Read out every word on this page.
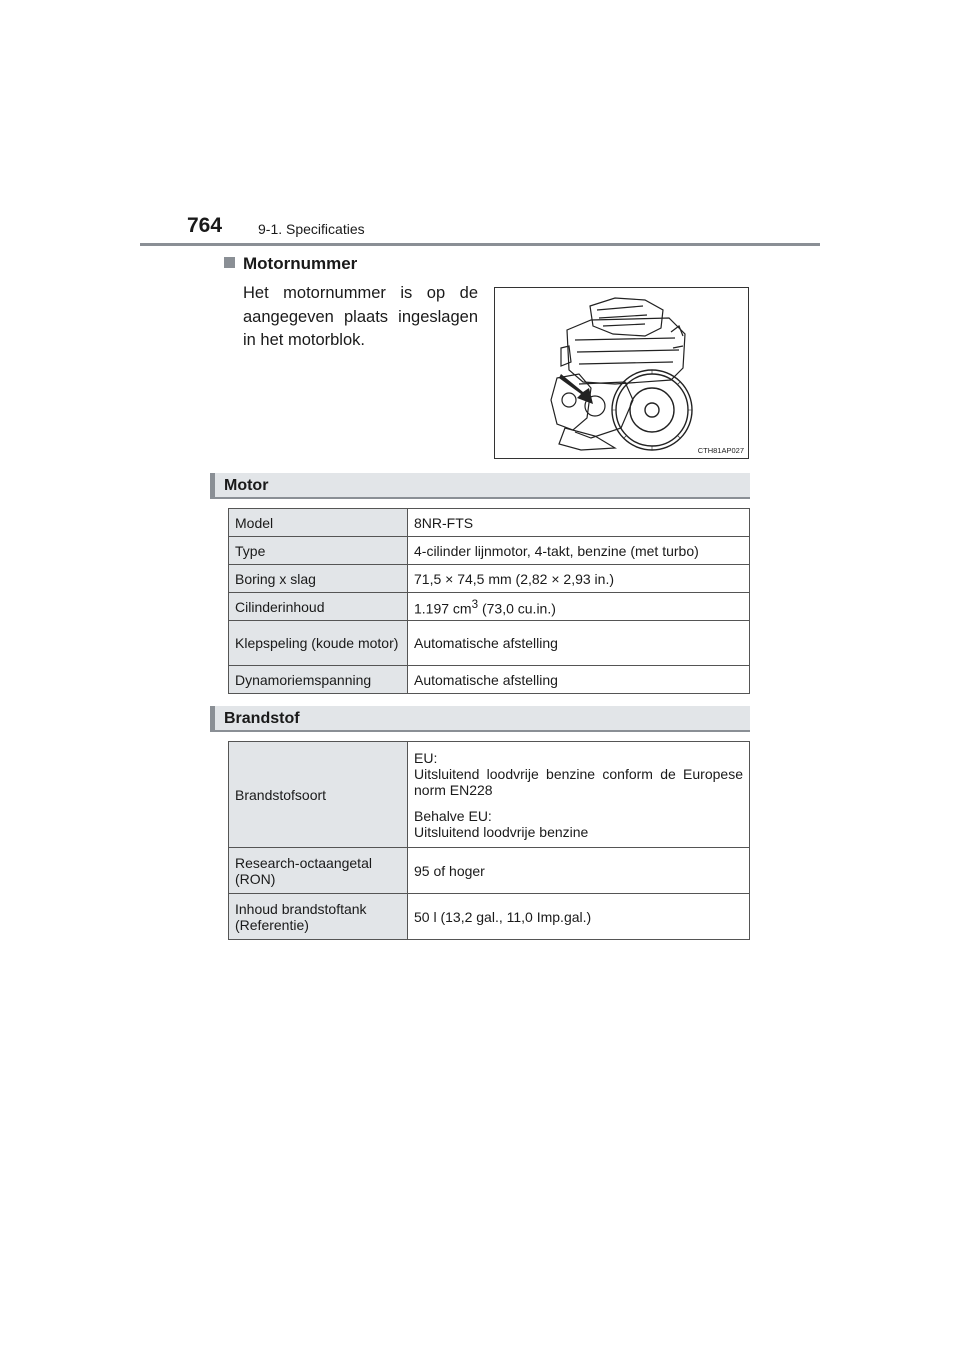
764	9-1. Specificaties
Motornummer
Het motornummer is op de aangegeven plaats ingeslagen in het motorblok.
CTH81AP027
Motor
Model	8NR-FTS
Type	4-cilinder lijnmotor, 4-takt, benzine (met turbo)
Boring x slag	71,5 × 74,5 mm (2,82 × 2,93 in.)
Cilinderinhoud	1.197 $cm^3$ (73,0 cu.in.)
Klepspeling (koude motor)	Automatische afstelling
Dynamoriemspanning	Automatische afstelling
Brandstof
Brandstofsoort	EU:

Uitsluitend loodvrije benzine conform de Europese norm EN228

Behalve EU:
Uitsluitend loodvrije benzine

Research-octaangetal (RON)	95 of hoger
Inhoud brandstoftank (Referentie)	50 l (13,2 gal., 11,0 Imp.gal.)
